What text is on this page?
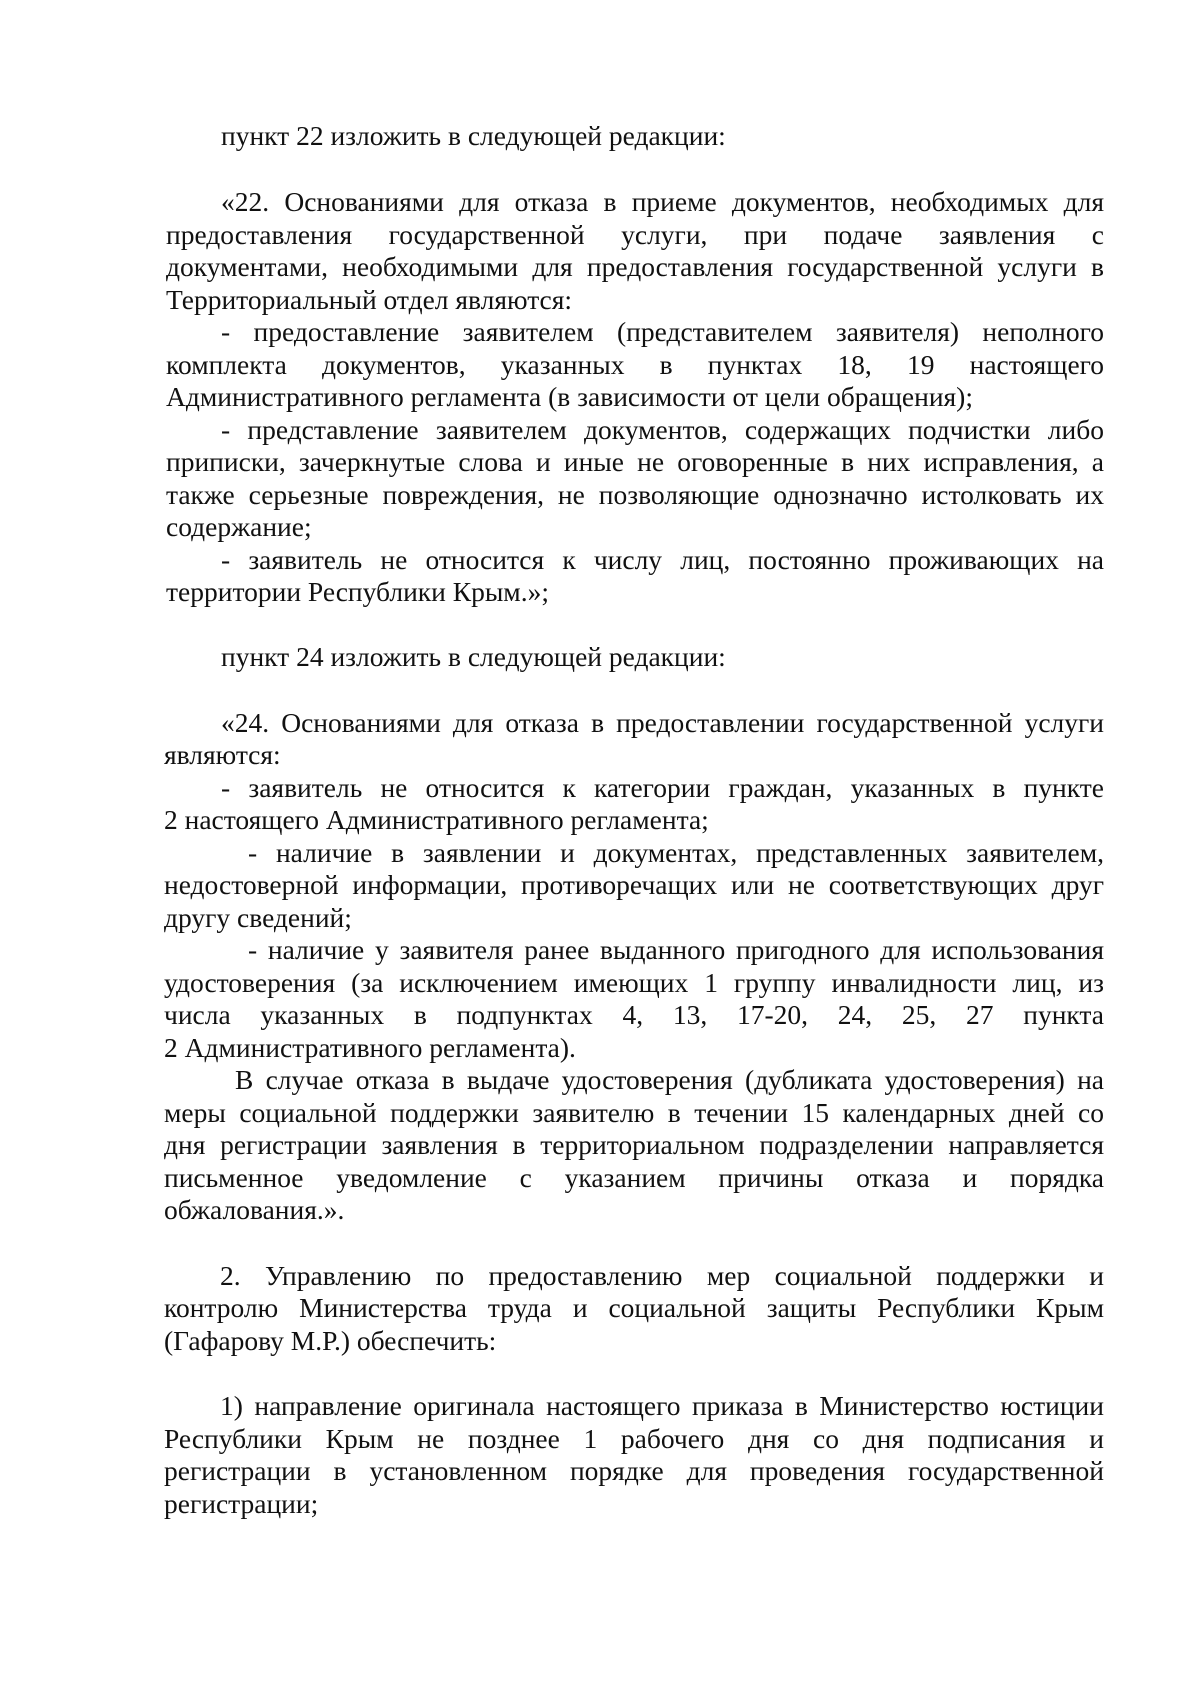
пункт 22 изложить в следующей редакции:
«22. Основаниями для отказа в приеме документов, необходимых для
предоставления государственной услуги, при подаче заявления с
документами, необходимыми для предоставления государственной услуги в
Территориальный отдел являются:
- предоставление заявителем (представителем заявителя) неполного
комплекта документов, указанных в пунктах 18, 19 настоящего
Административного регламента (в зависимости от цели обращения);
- представление заявителем документов, содержащих подчистки либо
приписки, зачеркнутые слова и иные не оговоренные в них исправления, а
также серьезные повреждения, не позволяющие однозначно истолковать их
содержание;
- заявитель не относится к числу лиц, постоянно проживающих на
территории Республики Крым.»;
пункт 24 изложить в следующей редакции:
«24. Основаниями для отказа в предоставлении государственной услуги
являются:
- заявитель не относится к категории граждан, указанных в пункте
2 настоящего Административного регламента;
- наличие в заявлении и документах, представленных заявителем,
недостоверной информации, противоречащих или не соответствующих друг
другу сведений;
- наличие у заявителя ранее выданного пригодного для использования
удостоверения (за исключением имеющих 1 группу инвалидности лиц, из
числа указанных в подпунктах 4, 13, 17-20, 24, 25, 27 пункта
2 Административного регламента).
В случае отказа в выдаче удостоверения (дубликата удостоверения) на
меры социальной поддержки заявителю в течении 15 календарных дней со
дня регистрации заявления в территориальном подразделении направляется
письменное уведомление с указанием причины отказа и порядка
обжалования.».
2. Управлению по предоставлению мер социальной поддержки и
контролю Министерства труда и социальной защиты Республики Крым
(Гафарову М.Р.) обеспечить:
1) направление оригинала настоящего приказа в Министерство юстиции
Республики Крым не позднее 1 рабочего дня со дня подписания и
регистрации в установленном порядке для проведения государственной
регистрации;
